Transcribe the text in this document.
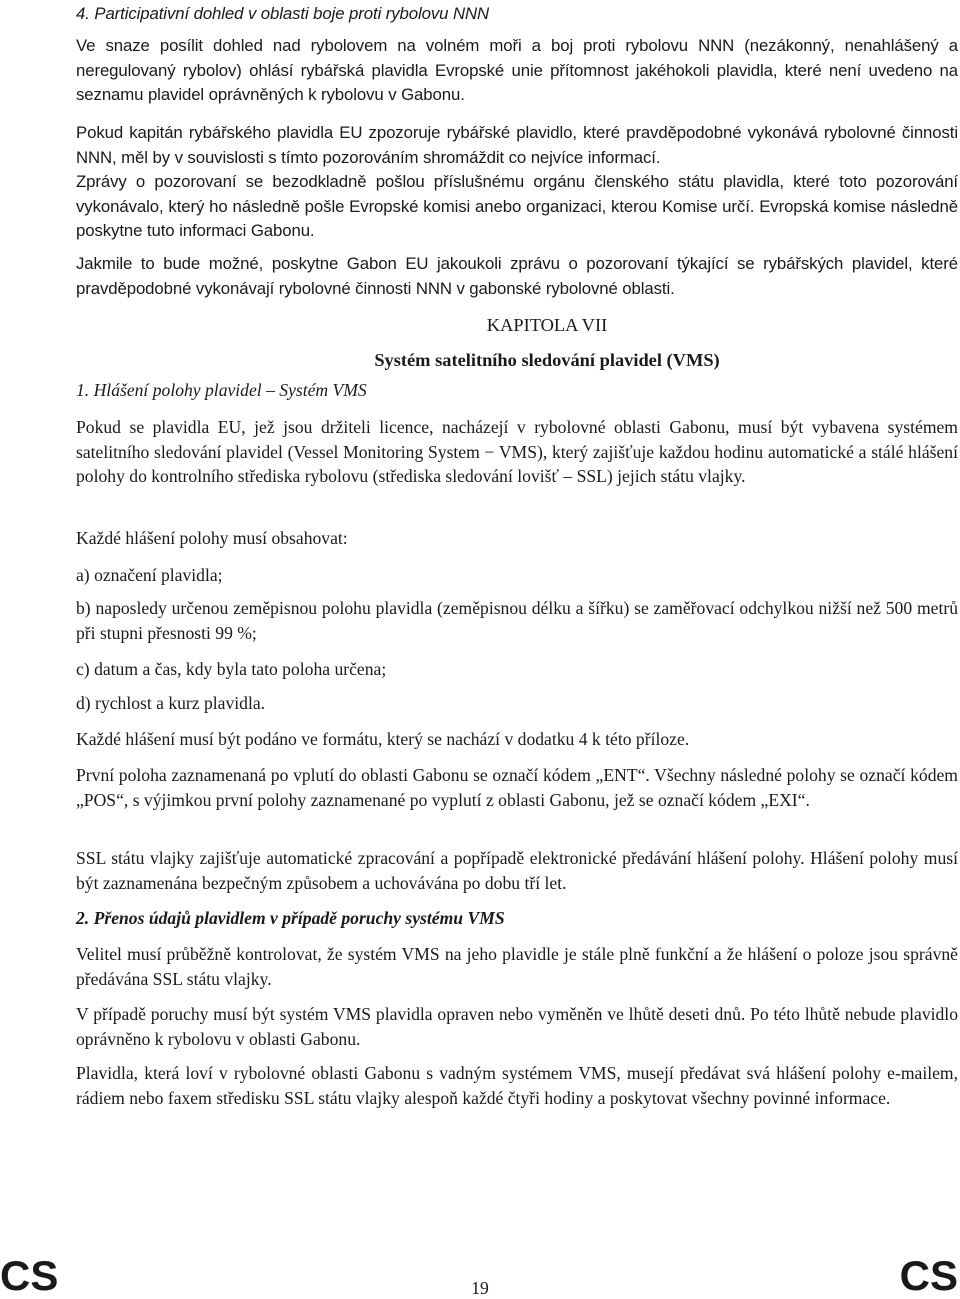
4. Participativní dohled v oblasti boje proti rybolovu NNN

Ve snaze posílit dohled nad rybolovem na volném moři a boj proti rybolovu NNN (nezákonný, nenahlášený a neregulovaný rybolov) ohlásí rybářská plavidla Evropské unie přítomnost jakéhokoli plavidla, které není uvedeno na seznamu plavidel oprávněných k rybolovu v Gabonu.

Pokud kapitán rybářského plavidla EU zpozoruje rybářské plavidlo, které pravděpodobné vykonává rybolovné činnosti NNN, měl by v souvislosti s tímto pozorováním shromáždit co nejvíce informací.

Zprávy o pozorovaní se bezodkladně pošlou příslušnému orgánu členského státu plavidla, které toto pozorování vykonávalo, který ho následně pošle Evropské komisi anebo organizaci, kterou Komise určí. Evropská komise následně poskytne tuto informaci Gabonu.

Jakmile to bude možné, poskytne Gabon EU jakoukoli zprávu o pozorovaní týkající se rybářských plavidel, které pravděpodobné vykonávají rybolovné činnosti NNN v gabonské rybolovné oblasti.

KAPITOLA VII
Systém satelitního sledování plavidel (VMS)
1. Hlášení polohy plavidel – Systém VMS

Pokud se plavidla EU, jež jsou držiteli licence, nacházejí v rybolovné oblasti Gabonu, musí být vybavena systémem satelitního sledování plavidel (Vessel Monitoring System − VMS), který zajišťuje každou hodinu automatické a stálé hlášení polohy do kontrolního střediska rybolovu (střediska sledování lovišť – SSL) jejich státu vlajky.

Každé hlášení polohy musí obsahovat:

a) označení plavidla;

b) naposledy určenou zeměpisnou polohu plavidla (zeměpisnou délku a šířku) se zaměřovací odchylkou nižší než 500 metrů při stupni přesnosti 99 %;

c) datum a čas, kdy byla tato poloha určena;

d) rychlost a kurz plavidla.

Každé hlášení musí být podáno ve formátu, který se nachází v dodatku 4 k této příloze.

První poloha zaznamenaná po vplutí do oblasti Gabonu se označí kódem „ENT“. Všechny následné polohy se označí kódem „POS“, s výjimkou první polohy zaznamenané po vyplutí z oblasti Gabonu, jež se označí kódem „EXI“.

SSL státu vlajky zajišťuje automatické zpracování a popřípadě elektronické předávání hlášení polohy. Hlášení polohy musí být zaznamenána bezpečným způsobem a uchovávána po dobu tří let.

2. Přenos údajů plavidlem v případě poruchy systému VMS

Velitel musí průběžně kontrolovat, že systém VMS na jeho plavidle je stále plně funkční a že hlášení o poloze jsou správně předávána SSL státu vlajky.

V případě poruchy musí být systém VMS plavidla opraven nebo vyměněn ve lhůtě deseti dnů. Po této lhůtě nebude plavidlo oprávněno k rybolovu v oblasti Gabonu.

Plavidla, která loví v rybolovné oblasti Gabonu s vadným systémem VMS, musejí předávat svá hlášení polohy e-mailem, rádiem nebo faxem středisku SSL státu vlajky alespoň každé čtyři hodiny a poskytovat všechny povinné informace.

CS	19	CS
